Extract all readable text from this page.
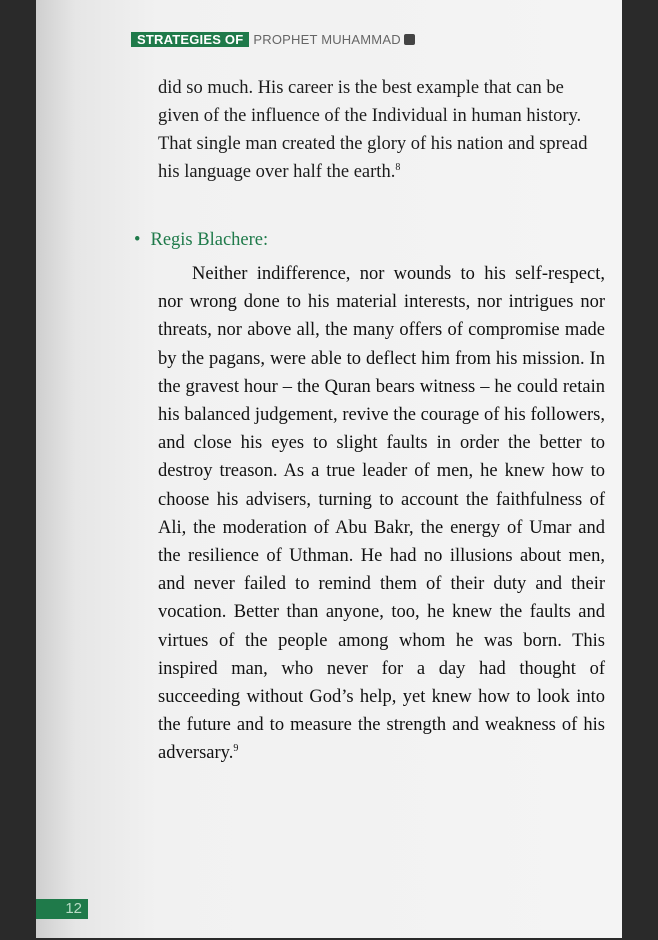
STRATEGIES OF PROPHET MUHAMMAD
did so much. His career is the best example that can be given of the influence of the Individual in human history. That single man created the glory of his nation and spread his language over half the earth.$^8$
• Regis Blachere:
Neither indifference, nor wounds to his self-respect, nor wrong done to his material interests, nor intrigues nor threats, nor above all, the many offers of compromise made by the pagans, were able to deflect him from his mission. In the gravest hour – the Quran bears witness – he could retain his balanced judgement, revive the courage of his followers, and close his eyes to slight faults in order the better to destroy treason. As a true leader of men, he knew how to choose his advisers, turning to account the faithfulness of Ali, the moderation of Abu Bakr, the energy of Umar and the resilience of Uthman. He had no illusions about men, and never failed to remind them of their duty and their vocation. Better than anyone, too, he knew the faults and virtues of the people among whom he was born. This inspired man, who never for a day had thought of succeeding without God’s help, yet knew how to look into the future and to measure the strength and weakness of his adversary.$^9$
12
